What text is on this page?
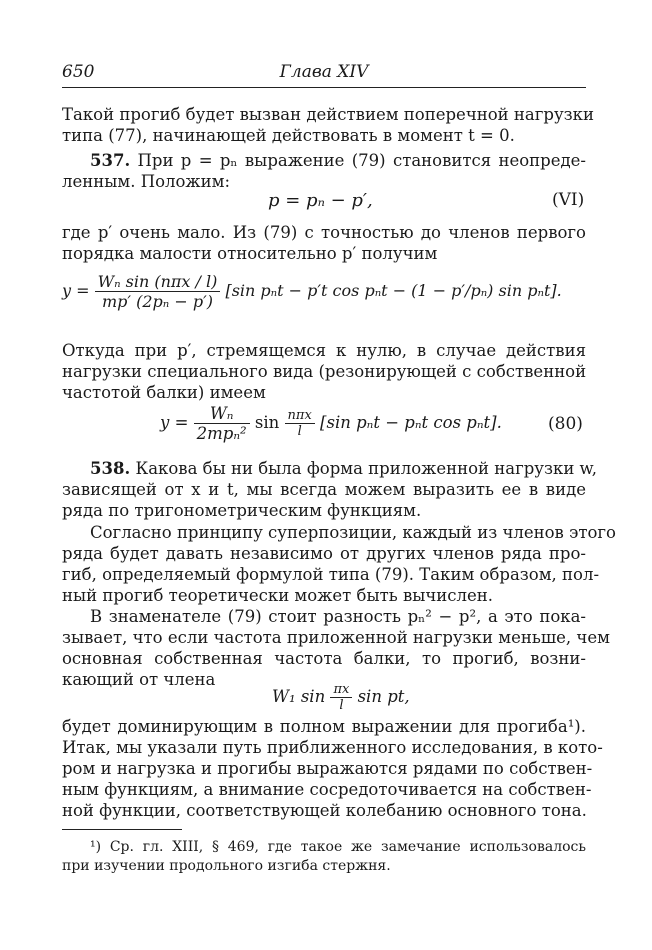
650	Глава XIV
Такой прогиб будет вызван действием поперечной нагрузки
типа (77), начинающей действовать в момент t = 0.
537. При p = pₙ выражение (79) становится неопреде-
ленным. Положим:
p = pₙ − p′,	(VI)
где p′ очень мало. Из (79) с точностью до членов первого
порядка малости относительно p′ получим
$y = \frac{\text{Wₙ sin (nπx / l)}}{\text{mp′ (2pₙ − p′)}} [\sin$ pₙt − p′t cos pₙt − (1 − p′/pₙ) sin pₙt].
Откуда при p′, стремящемся к нулю, в случае действия
нагрузки специального вида (резонирующей с собственной
частотой балки) имеем
$y = \frac{\text{Wₙ}}{\text{2mpₙ²}}$ $\sin \frac{\text{nπx}}{l} [\sin$ pₙt − pₙt cos pₙt].	(80)
538. Какова бы ни была форма приложенной нагрузки w,
зависящей от x и t, мы всегда можем выразить ее в виде
ряда по тригонометрическим функциям.
Согласно принципу суперпозиции, каждый из членов этого
ряда будет давать независимо от других членов ряда про-
гиб, определяемый формулой типа (79). Таким образом, пол-
ный прогиб теоретически может быть вычислен.
В знаменателе (79) стоит разность pₙ² − p², а это пока-
зывает, что если частота приложенной нагрузки меньше, чем
основная собственная частота балки, то прогиб, возни-
кающий от члена
W₁ $\sin \frac{\pi x}{l}$ sin pt,
будет доминирующим в полном выражении для прогиба¹).
Итак, мы указали путь приближенного исследования, в кото-
ром и нагрузка и прогибы выражаются рядами по собствен-
ным функциям, а внимание сосредоточивается на собствен-
ной функции, соответствующей колебанию основного тона.
¹) Ср. гл. XIII, § 469, где такое же замечание использовалось
при изучении продольного изгиба стержня.
